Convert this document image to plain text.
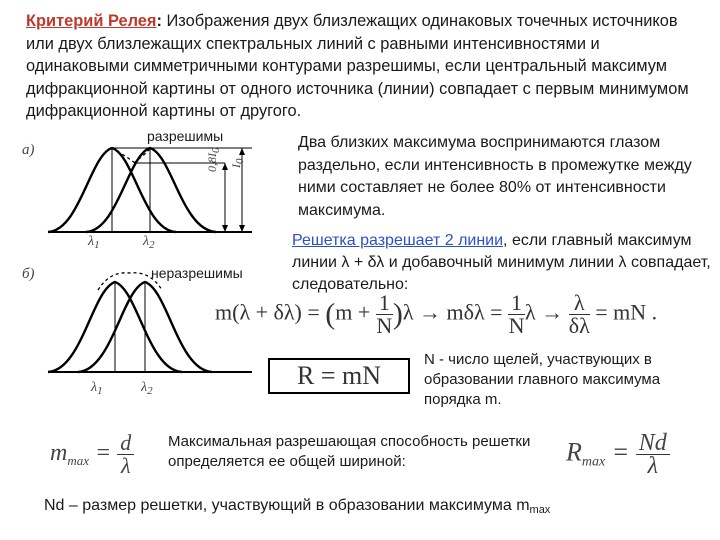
Критерий Релея: Изображения двух близлежащих одинаковых точечных источников или двух близлежащих спектральных линий с равными интенсивностями и одинаковыми симметричными контурами разрешимы, если центральный максимум дифракционной картины от одного источника (линии) совпадает с первым минимумом дифракционной картины от другого.
а)
разрешимы
$\lambda_1$	$\lambda_2$
0,8I0
I0
б)	неразрешимы
$\lambda_1$	$\lambda_2$
Два близких максимума воспринимаются глазом раздельно, если интенсивность в промежутке между ними составляет не более 80% от интенсивности максимума.
Решетка разрешает 2 линии, если главный максимум линии λ + δλ и добавочный минимум линии λ совпадает, следовательно:
$m(\lambda + \delta\lambda) = (m + \frac{1}{N} )\lambda \to m\delta\lambda = \frac{1}{N}$ $\lambda \to \frac{\lambda}{\delta\lambda}$ = mN .
R = mN
N - число щелей, участвующих в образовании главного максимума порядка m.
$m_{max} = \frac{d}{\lambda}$ Максимальная разрешающая способность решетки определяется ее общей шириной:	$Rmax = \frac{Nd}{\lambda}$
Nd – размер решетки, участвующий в образовании максимума $m_{max}$
